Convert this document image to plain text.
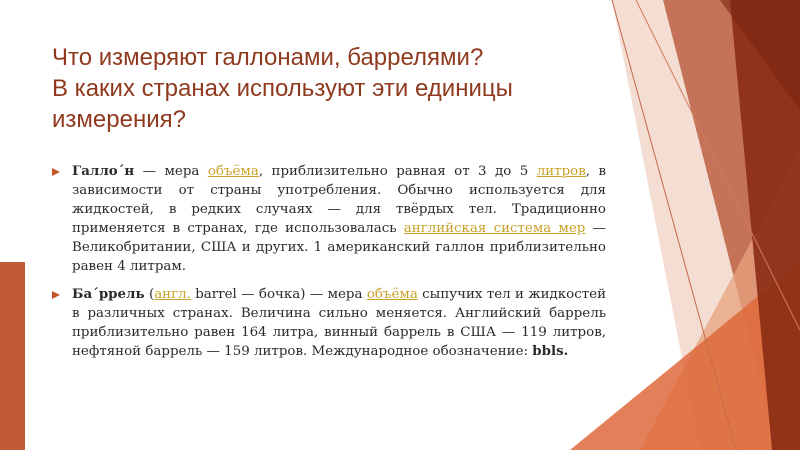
Что измеряют галлонами, баррелями?
В каких странах используют эти единицы
измерения?

Галло´н — мера объёма, приблизительно равная от 3 до 5 литров, в зависимости от страны употребления. Обычно используется для жидкостей, в редких случаях — для твёрдых тел. Традиционно применяется в странах, где использовалась английская система мер — Великобритании, США и других. 1 американский галлон приблизительно равен 4 литрам.

Ба´ррель (англ. barrel — бочка) — мера объёма сыпучих тел и жидкостей в различных странах. Величина сильно меняется. Английский баррель приблизительно равен 164 литра, винный баррель в США — 119 литров, нефтяной баррель — 159 литров. Международное обозначение: bbls.
